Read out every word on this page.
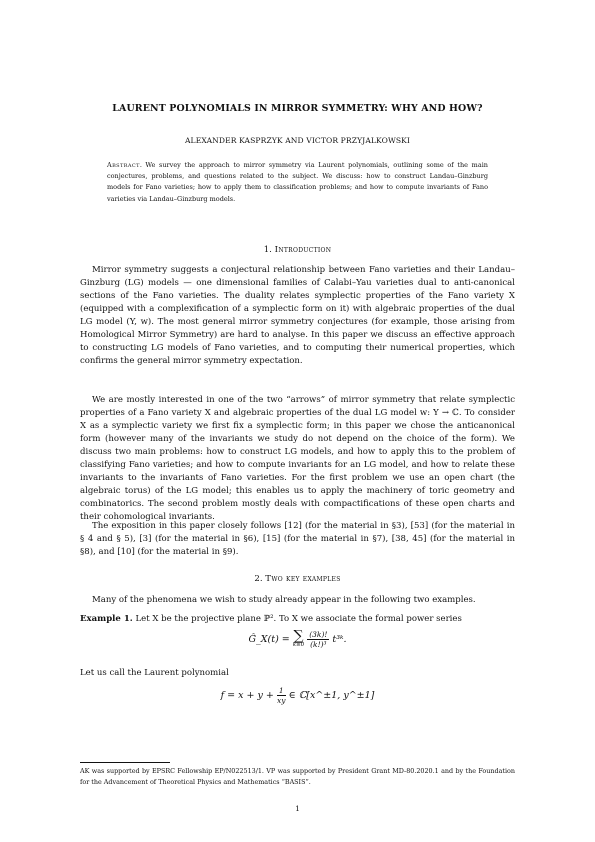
LAURENT POLYNOMIALS IN MIRROR SYMMETRY: WHY AND HOW?
ALEXANDER KASPRZYK AND VICTOR PRZYJALKOWSKI
Abstract. We survey the approach to mirror symmetry via Laurent polynomials, outlining some of the main conjectures, problems, and questions related to the subject. We discuss: how to construct Landau–Ginzburg models for Fano varieties; how to apply them to classification problems; and how to compute invariants of Fano varieties via Landau–Ginzburg models.
1. Introduction

Mirror symmetry suggests a conjectural relationship between Fano varieties and their Landau–Ginzburg (LG) models — one dimensional families of Calabi–Yau varieties dual to anti-canonical sections of the Fano varieties. The duality relates symplectic properties of the Fano variety X (equipped with a complexification of a symplectic form on it) with algebraic properties of the dual LG model (Y, w). The most general mirror symmetry conjectures (for example, those arising from Homological Mirror Symmetry) are hard to analyse. In this paper we discuss an effective approach to constructing LG models of Fano varieties, and to computing their numerical properties, which confirms the general mirror symmetry expectation.

We are mostly interested in one of the two “arrows” of mirror symmetry that relate symplectic properties of a Fano variety X and algebraic properties of the dual LG model w: Y → ℂ. To consider X as a symplectic variety we first fix a symplectic form; in this paper we chose the anticanonical form (however many of the invariants we study do not depend on the choice of the form). We discuss two main problems: how to construct LG models, and how to apply this to the problem of classifying Fano varieties; and how to compute invariants for an LG model, and how to relate these invariants to the invariants of Fano varieties. For the first problem we use an open chart (the algebraic torus) of the LG model; this enables us to apply the machinery of toric geometry and combinatorics. The second problem mostly deals with compactifications of these open charts and their cohomological invariants.

The exposition in this paper closely follows [12] (for the material in §3), [53] (for the material in § 4 and § 5), [3] (for the material in §6), [15] (for the material in §7), [38, 45] (for the material in §8), and [10] (for the material in §9).

2. Two key examples

Many of the phenomena we wish to study already appear in the following two examples.

Example 1. Let X be the projective plane ℙ². To X we associate the formal power series

Ĝ_X(t) = ∑
$k\ge 0 \frac{(3k)!}{\text{(k!)³}}$ t³ᵏ.

Let us call the Laurent polynomial

$f = x + y + \frac{1}{xy}$ ∈ ℂ[x^±1, y^±1]
AK was supported by EPSRC Fellowship EP/N022513/1. VP was supported by President Grant MD-80.2020.1 and by the Foundation for the Advancement of Theoretical Physics and Mathematics “BASIS”.
1
